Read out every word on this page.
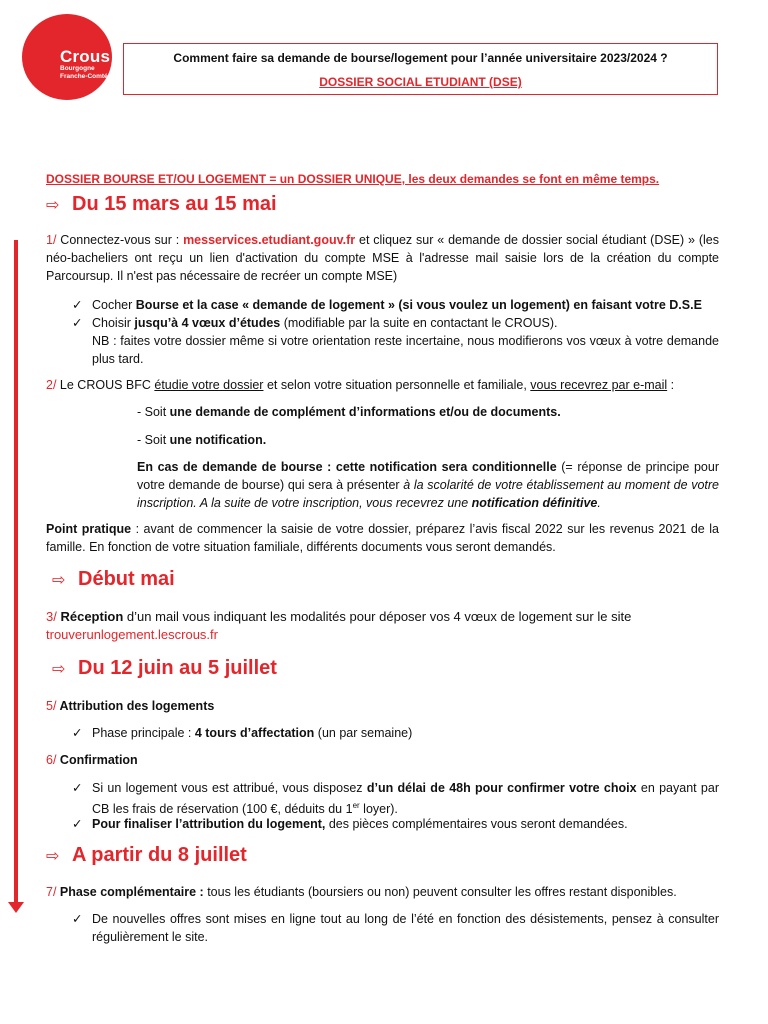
Crous
Bourgogne
Franche-Comté
Comment faire sa demande de bourse/logement pour l’année universitaire 2023/2024 ?
DOSSIER SOCIAL ETUDIANT (DSE)
DOSSIER BOURSE ET/OU LOGEMENT = un DOSSIER UNIQUE, les deux demandes se font en même temps.
⇨ Du 15 mars au 15 mai
1/ Connectez-vous sur : messervices.etudiant.gouv.fr et cliquez sur « demande de dossier social étudiant (DSE) » (les néo-bacheliers ont reçu un lien d'activation du compte MSE à l'adresse mail saisie lors de la création du compte Parcoursup. Il n'est pas nécessaire de recréer un compte MSE)
✓ Cocher Bourse et la case « demande de logement » (si vous voulez un logement) en faisant votre D.S.E
✓ Choisir jusqu’à 4 vœux d’études (modifiable par la suite en contactant le CROUS).
NB : faites votre dossier même si votre orientation reste incertaine, nous modifierons vos vœux à votre demande plus tard.
2/ Le CROUS BFC étudie votre dossier et selon votre situation personnelle et familiale, vous recevrez par e-mail :
- Soit une demande de complément d’informations et/ou de documents.
- Soit une notification.
En cas de demande de bourse : cette notification sera conditionnelle (= réponse de principe pour votre demande de bourse) qui sera à présenter à la scolarité de votre établissement au moment de votre inscription. A la suite de votre inscription, vous recevrez une notification définitive.
Point pratique : avant de commencer la saisie de votre dossier, préparez l’avis fiscal 2022 sur les revenus 2021 de la famille. En fonction de votre situation familiale, différents documents vous seront demandés.
⇨ Début mai
3/ Réception d’un mail vous indiquant les modalités pour déposer vos 4 vœux de logement sur le site
trouverunlogement.lescrous.fr
⇨ Du 12 juin au 5 juillet
5/ Attribution des logements
✓ Phase principale : 4 tours d’affectation (un par semaine)
6/ Confirmation
✓ Si un logement vous est attribué, vous disposez d’un délai de 48h pour confirmer votre choix en payant par CB les frais de réservation (100 €, déduits du 1er loyer).
✓ Pour finaliser l’attribution du logement, des pièces complémentaires vous seront demandées.
⇨ A partir du 8 juillet
7/ Phase complémentaire : tous les étudiants (boursiers ou non) peuvent consulter les offres restant disponibles.
✓ De nouvelles offres sont mises en ligne tout au long de l’été en fonction des désistements, pensez à consulter régulièrement le site.
